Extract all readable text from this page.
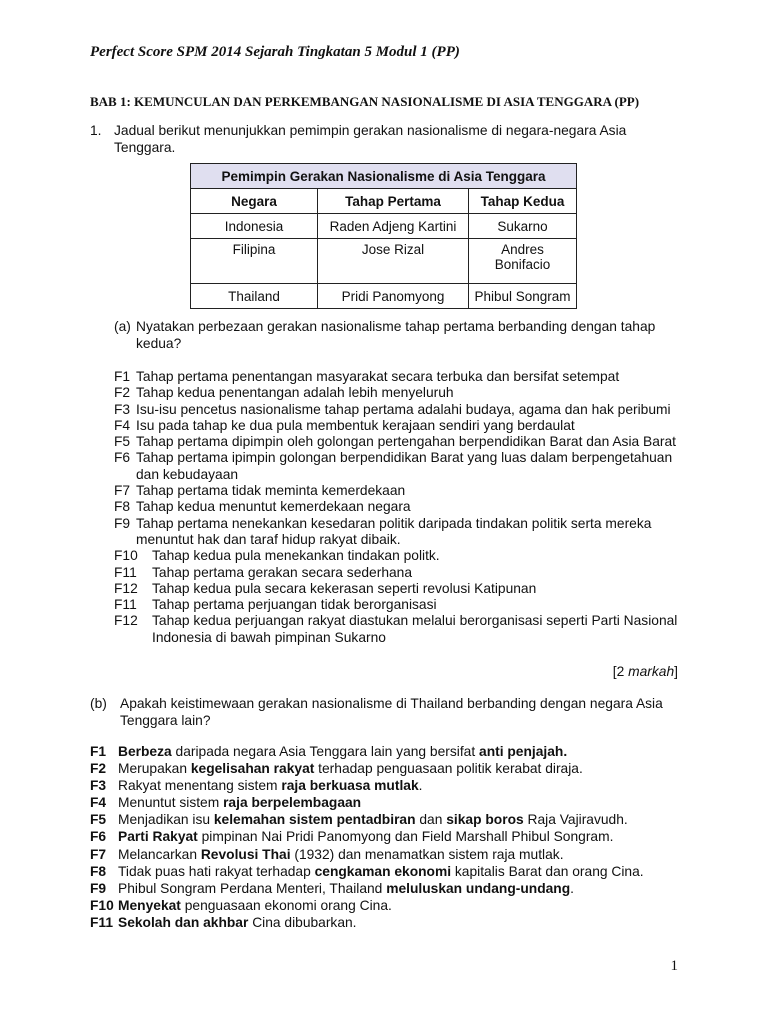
Perfect Score SPM 2014 Sejarah Tingkatan 5 Modul 1 (PP)
BAB 1: KEMUNCULAN DAN PERKEMBANGAN NASIONALISME DI ASIA TENGGARA (PP)
1. Jadual berikut menunjukkan pemimpin gerakan nasionalisme di negara-negara Asia Tenggara.
Pemimpin Gerakan Nasionalisme di Asia Tenggara		
Negara	Tahap Pertama	Tahap Kedua
Indonesia	Raden Adjeng Kartini	Sukarno
Filipina	Jose Rizal	Andres Bonifacio
Thailand	Pridi Panomyong	Phibul Songram
(a) Nyatakan perbezaan gerakan nasionalisme tahap pertama berbanding dengan tahap kedua?
F1 Tahap pertama penentangan masyarakat secara terbuka dan bersifat setempat
F2 Tahap kedua penentangan adalah lebih menyeluruh
F3 Isu-isu pencetus nasionalisme tahap pertama adalahi budaya, agama dan hak peribumi
F4 Isu pada tahap ke dua pula membentuk kerajaan sendiri yang berdaulat
F5 Tahap pertama dipimpin oleh golongan pertengahan berpendidikan Barat dan Asia Barat
F6 Tahap pertama ipimpin golongan berpendidikan Barat yang luas dalam berpengetahuan dan kebudayaan
F7 Tahap pertama tidak meminta kemerdekaan
F8 Tahap kedua menuntut kemerdekaan negara
F9 Tahap pertama nenekankan kesedaran politik daripada tindakan politik serta mereka menuntut hak dan taraf hidup rakyat dibaik.
F10	Tahap kedua pula menekankan tindakan politk.
F11	Tahap pertama gerakan secara sederhana
F12	Tahap kedua pula secara kekerasan seperti revolusi Katipunan
F11	Tahap pertama perjuangan tidak berorganisasi
F12	Tahap kedua perjuangan rakyat diastukan melalui berorganisasi seperti Parti Nasional Indonesia di bawah pimpinan Sukarno
[2 markah]
(b) Apakah keistimewaan gerakan nasionalisme di Thailand berbanding dengan negara Asia Tenggara lain?
F1 Berbeza daripada negara Asia Tenggara lain yang bersifat anti penjajah.
F2 Merupakan kegelisahan rakyat terhadap penguasaan politik kerabat diraja.
F3 Rakyat menentang sistem raja berkuasa mutlak.
F4 Menuntut sistem raja berpelembagaan
F5 Menjadikan isu kelemahan sistem pentadbiran dan sikap boros Raja Vajiravudh.
F6 Parti Rakyat pimpinan Nai Pridi Panomyong dan Field Marshall Phibul Songram.
F7 Melancarkan Revolusi Thai (1932) dan menamatkan sistem raja mutlak.
F8 Tidak puas hati rakyat terhadap cengkaman ekonomi kapitalis Barat dan orang Cina.
F9 Phibul Songram Perdana Menteri, Thailand meluluskan undang-undang.
F10 Menyekat penguasaan ekonomi orang Cina.
F11 Sekolah dan akhbar Cina dibubarkan.
1
